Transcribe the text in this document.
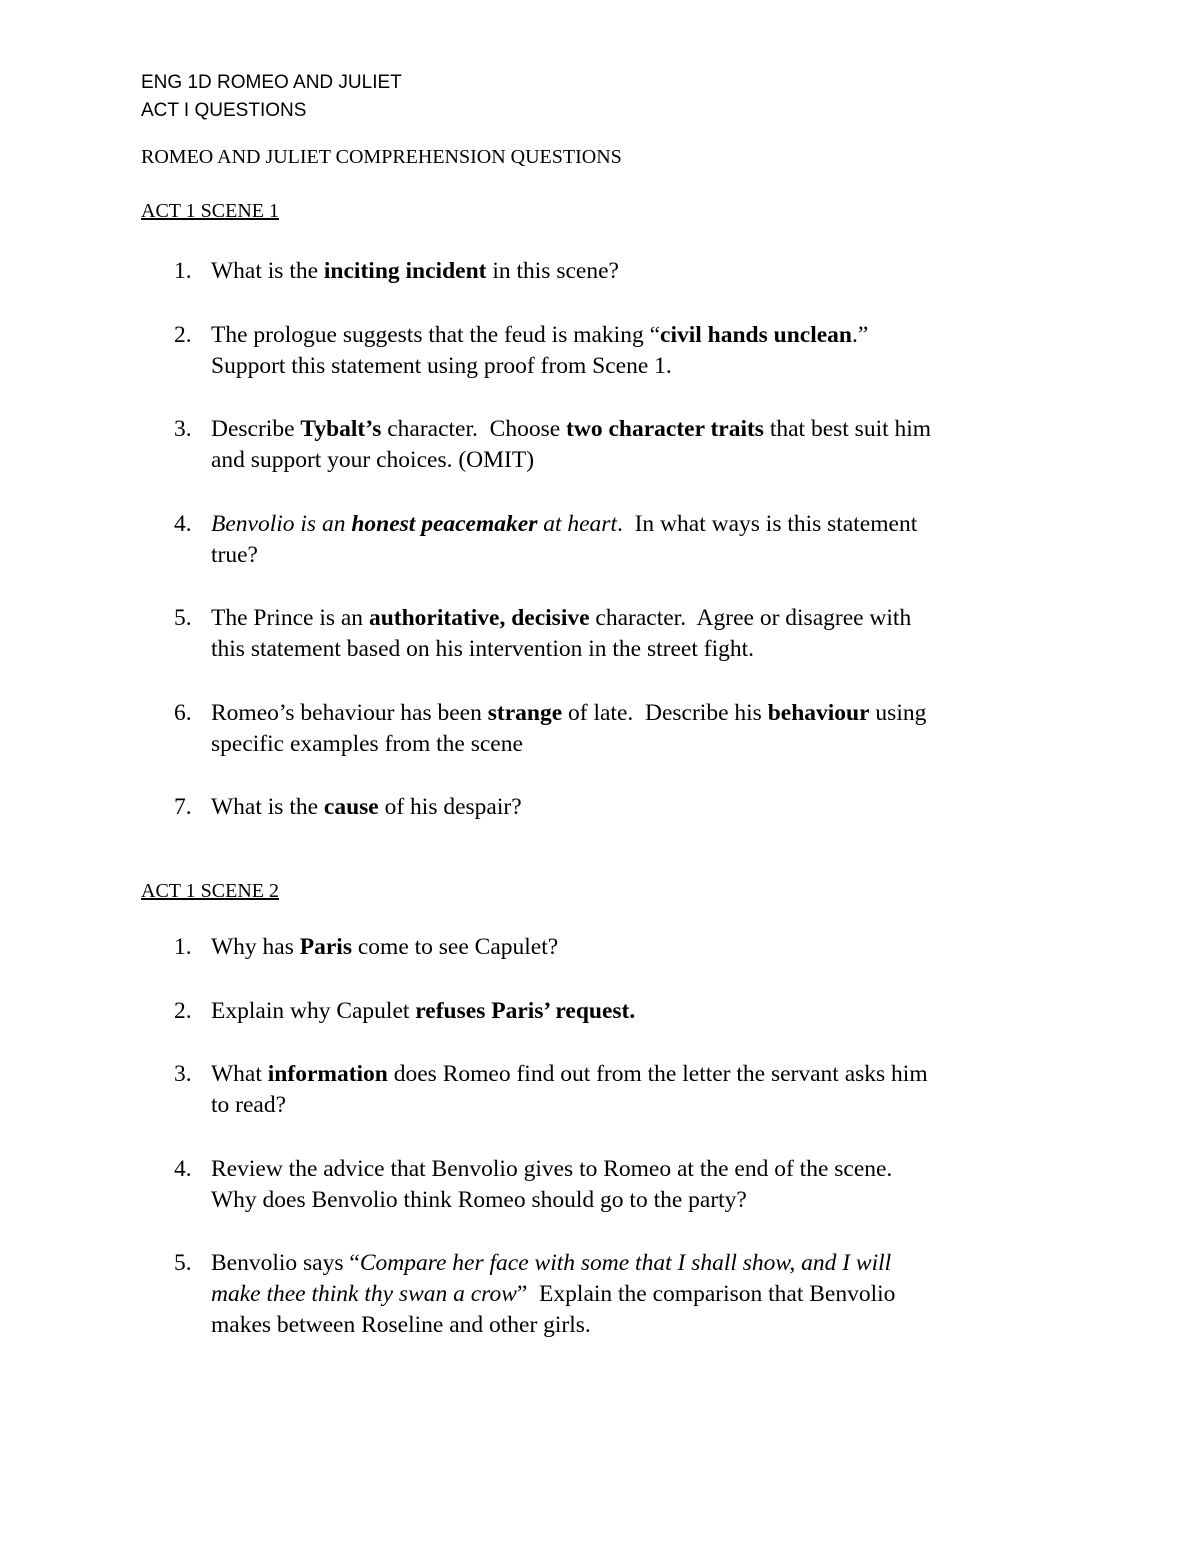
ENG 1D ROMEO AND JULIET
ACT I QUESTIONS
ROMEO AND JULIET COMPREHENSION QUESTIONS
ACT 1 SCENE 1
1. What is the inciting incident in this scene?
2. The prologue suggests that the feud is making “civil hands unclean.”
Support this statement using proof from Scene 1.
3. Describe Tybalt’s character.  Choose two character traits that best suit him
and support your choices. (OMIT)
4. Benvolio is an honest peacemaker at heart.  In what ways is this statement
true?
5. The Prince is an authoritative, decisive character.  Agree or disagree with
this statement based on his intervention in the street fight.
6. Romeo’s behaviour has been strange of late.  Describe his behaviour using
specific examples from the scene
7. What is the cause of his despair?
ACT 1 SCENE 2
1. Why has Paris come to see Capulet?
2. Explain why Capulet refuses Paris’ request.
3. What information does Romeo find out from the letter the servant asks him
to read?
4. Review the advice that Benvolio gives to Romeo at the end of the scene.
Why does Benvolio think Romeo should go to the party?
5. Benvolio says “Compare her face with some that I shall show, and I will
make thee think thy swan a crow”  Explain the comparison that Benvolio
makes between Roseline and other girls.
